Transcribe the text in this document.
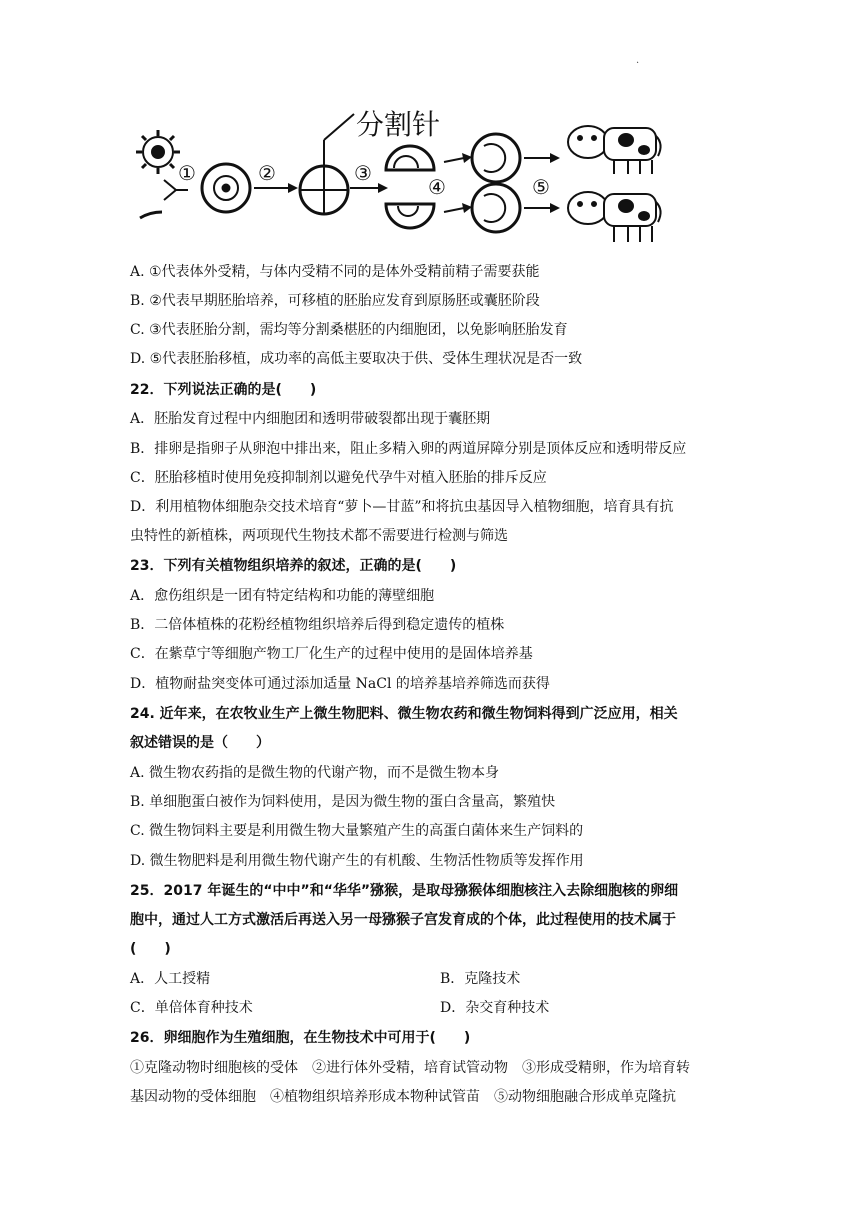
·
①	②
分割针
③
④	⑤
A. ①代表体外受精，与体内受精不同的是体外受精前精子需要获能
B. ②代表早期胚胎培养，可移植的胚胎应发育到原肠胚或囊胚阶段
C. ③代表胚胎分割，需均等分割桑椹胚的内细胞团，以免影响胚胎发育
D. ⑤代表胚胎移植，成功率的高低主要取决于供、受体生理状况是否一致
22．下列说法正确的是(　　)
A．胚胎发育过程中内细胞团和透明带破裂都出现于囊胚期
B．排卵是指卵子从卵泡中排出来，阻止多精入卵的两道屏障分别是顶体反应和透明带反应
C．胚胎移植时使用免疫抑制剂以避免代孕牛对植入胚胎的排斥反应
D．利用植物体细胞杂交技术培育“萝卜—甘蓝”和将抗虫基因导入植物细胞，培育具有抗
虫特性的新植株，两项现代生物技术都不需要进行检测与筛选
23．下列有关植物组织培养的叙述，正确的是(　　)
A．愈伤组织是一团有特定结构和功能的薄壁细胞
B．二倍体植株的花粉经植物组织培养后得到稳定遗传的植株
C．在紫草宁等细胞产物工厂化生产的过程中使用的是固体培养基
D．植物耐盐突变体可通过添加适量 NaCl 的培养基培养筛选而获得
24. 近年来，在农牧业生产上微生物肥料、微生物农药和微生物饲料得到广泛应用，相关
叙述错误的是（　　）
A. 微生物农药指的是微生物的代谢产物，而不是微生物本身
B. 单细胞蛋白被作为饲料使用，是因为微生物的蛋白含量高，繁殖快
C. 微生物饲料主要是利用微生物大量繁殖产生的高蛋白菌体来生产饲料的
D. 微生物肥料是利用微生物代谢产生的有机酸、生物活性物质等发挥作用
25．2017 年诞生的“中中”和“华华”猕猴，是取母猕猴体细胞核注入去除细胞核的卵细
胞中，通过人工方式激活后再送入另一母猕猴子宫发育成的个体，此过程使用的技术属于
(　　)
A．人工授精	B．克隆技术
C．单倍体育种技术	D．杂交育种技术
26．卵细胞作为生殖细胞，在生物技术中可用于(　　)
①克隆动物时细胞核的受体　②进行体外受精，培育试管动物　③形成受精卵，作为培育转
基因动物的受体细胞　④植物组织培养形成本物种试管苗　⑤动物细胞融合形成单克隆抗
